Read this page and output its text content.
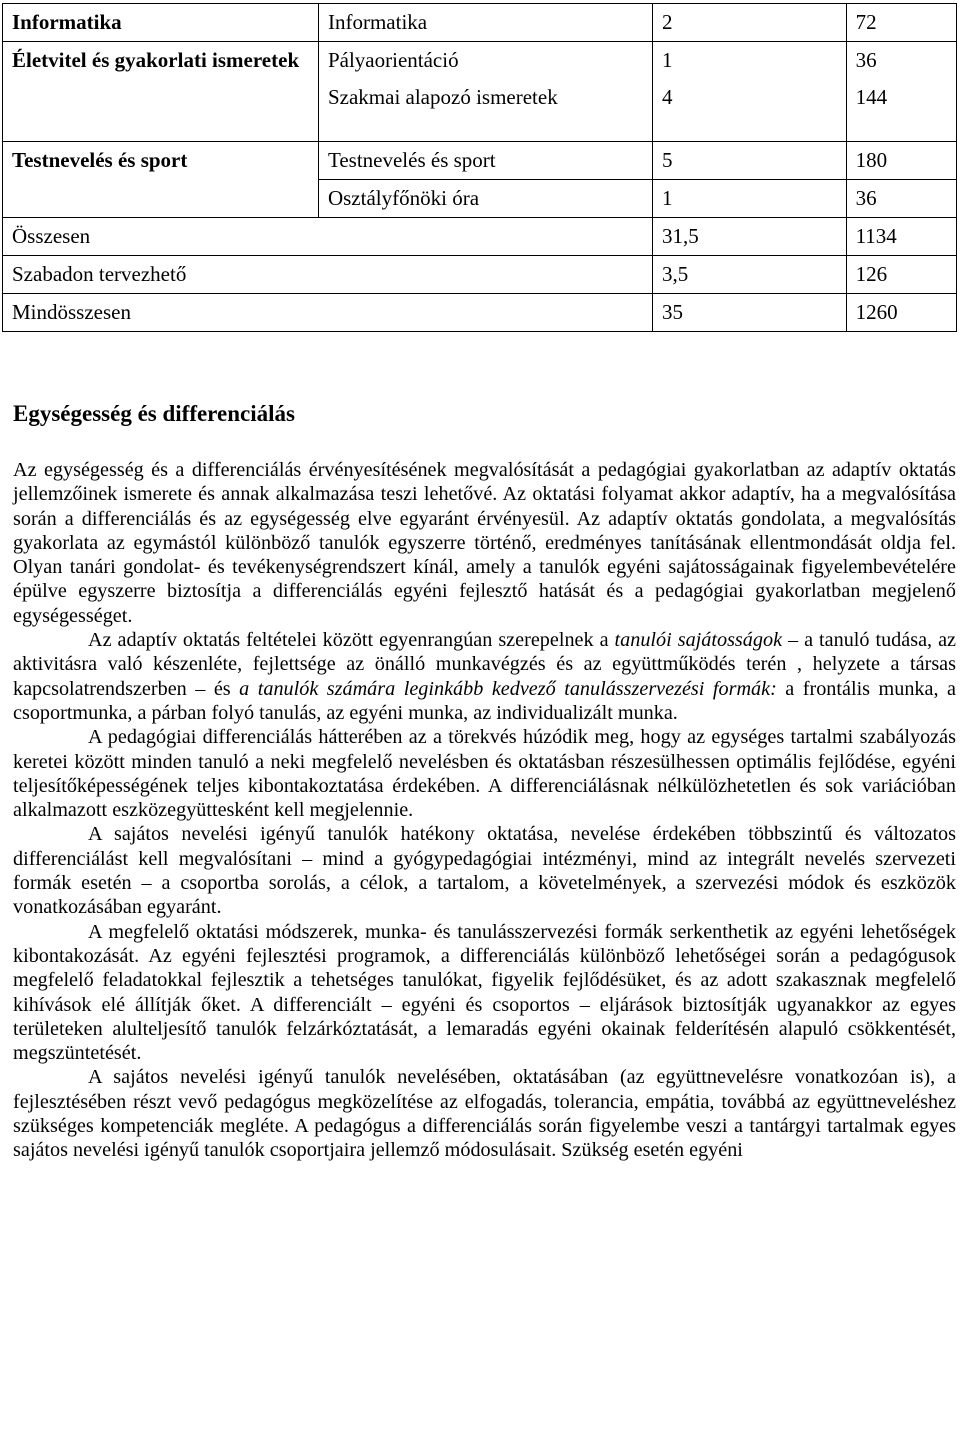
Informatika	Informatika	2	72
Életvitel és gyakorlati ismeretek	Pályaorientáció	1	36
	Szakmai alapozó ismeretek	4	144
Testnevelés és sport	Testnevelés és sport	5	180
	Osztályfőnöki óra	1	36
Összesen		31,5	1134
Szabadon tervezhető		3,5	126
Mindösszesen		35	1260
Egységesség és differenciálás

Az egységesség és a differenciálás érvényesítésének megvalósítását a pedagógiai gyakorlatban az adaptív oktatás jellemzőinek ismerete és annak alkalmazása teszi lehetővé. Az oktatási folyamat akkor adaptív, ha a megvalósítása során a differenciálás és az egységesség elve egyaránt érvényesül. Az adaptív oktatás gondolata, a megvalósítás gyakorlata az egymástól különböző tanulók egyszerre történő, eredményes tanításának ellentmondását oldja fel. Olyan tanári gondolat- és tevékenységrendszert kínál, amely a tanulók egyéni sajátosságainak figyelembevételére épülve egyszerre biztosítja a differenciálás egyéni fejlesztő hatását és a pedagógiai gyakorlatban megjelenő egységességet.

Az adaptív oktatás feltételei között egyenrangúan szerepelnek a tanulói sajátosságok – a tanuló tudása, az aktivitásra való készenléte, fejlettsége az önálló munkavégzés és az együttműködés terén , helyzete a társas kapcsolatrendszerben – és a tanulók számára leginkább kedvező tanulásszervezési formák: a frontális munka, a csoportmunka, a párban folyó tanulás, az egyéni munka, az individualizált munka.

A pedagógiai differenciálás hátterében az a törekvés húzódik meg, hogy az egységes tartalmi szabályozás keretei között minden tanuló a neki megfelelő nevelésben és oktatásban részesülhessen optimális fejlődése, egyéni teljesítőképességének teljes kibontakoztatása érdekében. A differenciálásnak nélkülözhetetlen és sok variációban alkalmazott eszközegyüttesként kell megjelennie.

A sajátos nevelési igényű tanulók hatékony oktatása, nevelése érdekében többszintű és változatos differenciálást kell megvalósítani – mind a gyógypedagógiai intézményi, mind az integrált nevelés szervezeti formák esetén – a csoportba sorolás, a célok, a tartalom, a követelmények, a szervezési módok és eszközök vonatkozásában egyaránt.

A megfelelő oktatási módszerek, munka- és tanulásszervezési formák serkenthetik az egyéni lehetőségek kibontakozását. Az egyéni fejlesztési programok, a differenciálás különböző lehetőségei során a pedagógusok megfelelő feladatokkal fejlesztik a tehetséges tanulókat, figyelik fejlődésüket, és az adott szakasznak megfelelő kihívások elé állítják őket. A differenciált – egyéni és csoportos – eljárások biztosítják ugyanakkor az egyes területeken alulteljesítő tanulók felzárkóztatását, a lemaradás egyéni okainak felderítésén alapuló csökkentését, megszüntetését.

A sajátos nevelési igényű tanulók nevelésében, oktatásában (az együttnevelésre vonatkozóan is), a fejlesztésében részt vevő pedagógus megközelítése az elfogadás, tolerancia, empátia, továbbá az együttneveléshez szükséges kompetenciák megléte. A pedagógus a differenciálás során figyelembe veszi a tantárgyi tartalmak egyes sajátos nevelési igényű tanulók csoportjaira jellemző módosulásait. Szükség esetén egyéni
